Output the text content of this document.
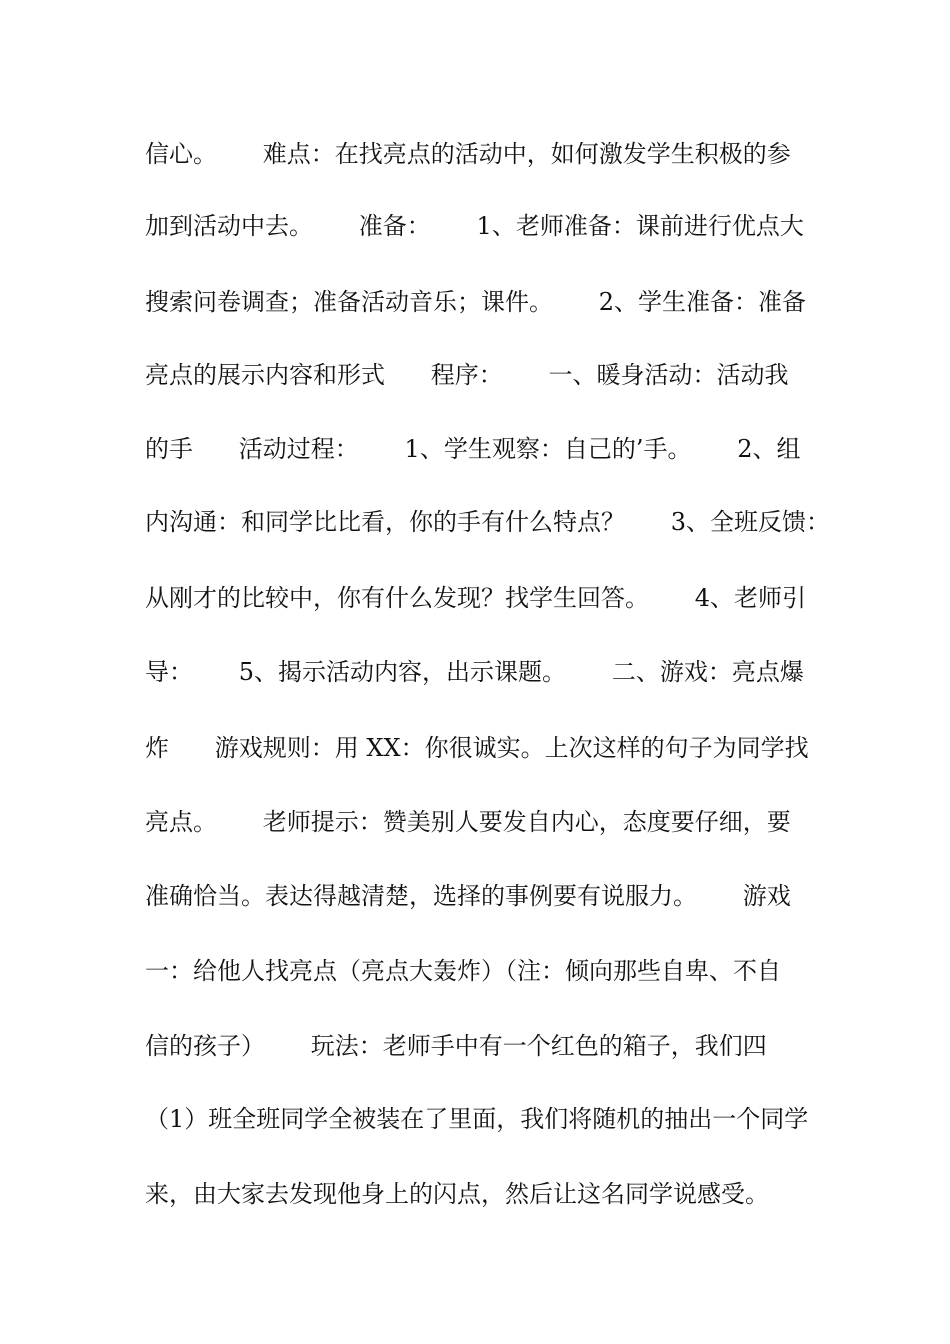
信心。      难点：在找亮点的活动中，如何激发学生积极的参
加到活动中去。      准备：      1、老师准备：课前进行优点大
搜索问卷调查；准备活动音乐；课件。      2、学生准备：准备
亮点的展示内容和形式      程序：      一、暖身活动：活动我
的手      活动过程：      1、学生观察：自己的’手。      2、组
内沟通：和同学比比看，你的手有什么特点？      3、全班反馈：
从刚才的比较中，你有什么发现？找学生回答。      4、老师引
导：      5、揭示活动内容，出示课题。      二、游戏：亮点爆
炸      游戏规则：用 XX：你很诚实。上次这样的句子为同学找
亮点。      老师提示：赞美别人要发自内心，态度要仔细，要
准确恰当。表达得越清楚，选择的事例要有说服力。      游戏
一：给他人找亮点（亮点大轰炸）（注：倾向那些自卑、不自
信的孩子）      玩法：老师手中有一个红色的箱子，我们四
（1）班全班同学全被装在了里面，我们将随机的抽出一个同学
来，由大家去发现他身上的闪点，然后让这名同学说感受。
